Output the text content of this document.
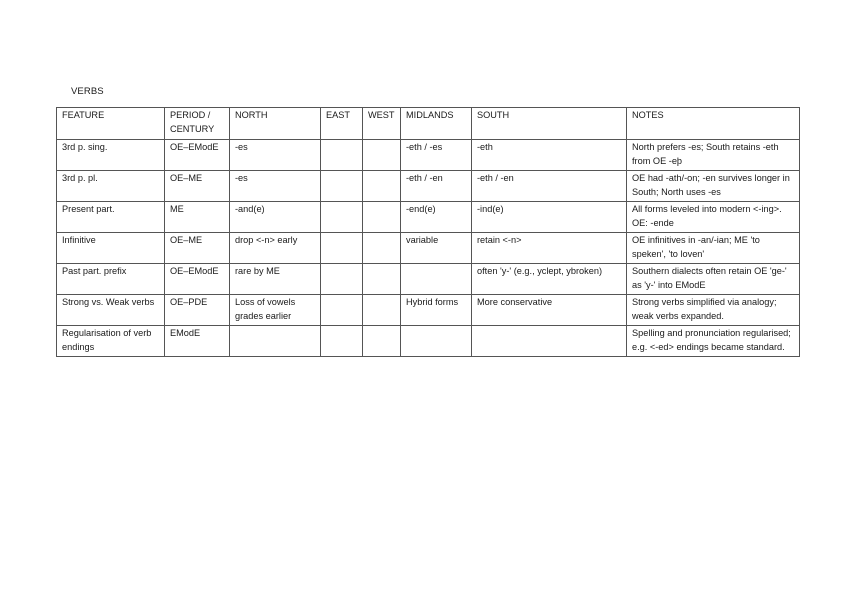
VERBS
FEATURE	PERIOD / CENTURY	NORTH	EAST	WEST	MIDLANDS	SOUTH	NOTES
3rd p. sing.	OE–EModE	-es			-eth / -es	-eth	North prefers -es; South retains -eth from OE -eþ
3rd p. pl.	OE–ME	-es			-eth / -en	-eth / -en	OE had -ath/-on; -en survives longer in South; North uses -es
Present part.	ME	-and(e)			-end(e)	-ind(e)	All forms leveled into modern <-ing>. OE: -ende
Infinitive	OE–ME	drop <-n> early			variable	retain <-n>	OE infinitives in -an/-ian; ME 'to speken', 'to loven'
Past part. prefix	OE–EModE	rare by ME				often 'y-' (e.g., yclept, ybroken)	Southern dialects often retain OE 'ge-' as 'y-' into EModE
Strong vs. Weak verbs	OE–PDE	Loss of vowels grades earlier			Hybrid forms	More conservative	Strong verbs simplified via analogy; weak verbs expanded.
Regularisation of verb endings	EModE						Spelling and pronunciation regularised; e.g. <-ed> endings became standard.
